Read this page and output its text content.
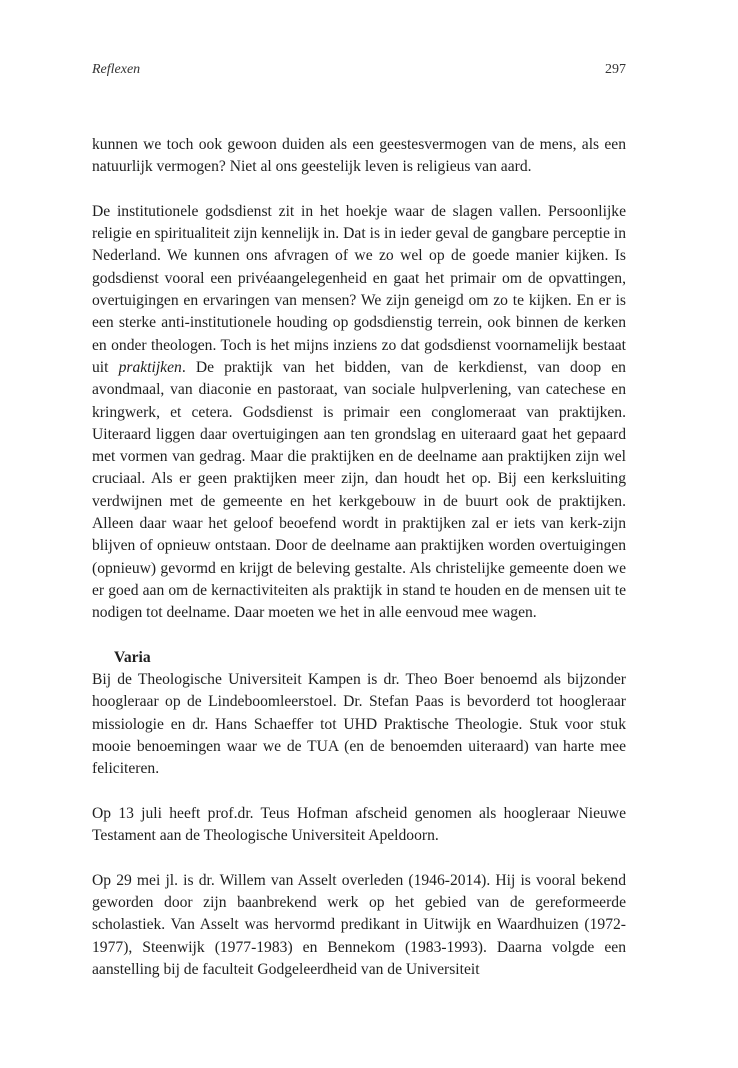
Reflexen	297

kunnen we toch ook gewoon duiden als een geestesvermogen van de mens, als een natuurlijk vermogen? Niet al ons geestelijk leven is religieus van aard.

De institutionele godsdienst zit in het hoekje waar de slagen vallen. Persoonlijke religie en spiritualiteit zijn kennelijk in. Dat is in ieder geval de gangbare perceptie in Nederland. We kunnen ons afvragen of we zo wel op de goede manier kijken. Is godsdienst vooral een privéaangelegenheid en gaat het primair om de opvattingen, overtuigingen en ervaringen van mensen? We zijn geneigd om zo te kijken. En er is een sterke anti-institutionele houding op godsdienstig terrein, ook binnen de kerken en onder theologen. Toch is het mijns inziens zo dat godsdienst voornamelijk bestaat uit praktijken. De praktijk van het bidden, van de kerkdienst, van doop en avondmaal, van diaconie en pastoraat, van sociale hulpverlening, van catechese en kringwerk, et cetera. Godsdienst is primair een conglomeraat van praktijken. Uiteraard liggen daar overtuigingen aan ten grondslag en uiteraard gaat het gepaard met vormen van gedrag. Maar die praktijken en de deelname aan praktijken zijn wel cruciaal. Als er geen praktijken meer zijn, dan houdt het op. Bij een kerksluiting verdwijnen met de gemeente en het kerkgebouw in de buurt ook de praktijken. Alleen daar waar het geloof beoefend wordt in praktijken zal er iets van kerk-zijn blijven of opnieuw ontstaan. Door de deelname aan praktijken worden overtuigingen (opnieuw) gevormd en krijgt de beleving gestalte. Als christelijke gemeente doen we er goed aan om de kernactiviteiten als praktijk in stand te houden en de mensen uit te nodigen tot deelname. Daar moeten we het in alle eenvoud mee wagen.

Varia

Bij de Theologische Universiteit Kampen is dr. Theo Boer benoemd als bijzonder hoogleraar op de Lindeboomleerstoel. Dr. Stefan Paas is bevorderd tot hoogleraar missiologie en dr. Hans Schaeffer tot UHD Praktische Theologie. Stuk voor stuk mooie benoemingen waar we de TUA (en de benoemden uiteraard) van harte mee feliciteren.

Op 13 juli heeft prof.dr. Teus Hofman afscheid genomen als hoogleraar Nieuwe Testament aan de Theologische Universiteit Apeldoorn.

Op 29 mei jl. is dr. Willem van Asselt overleden (1946-2014). Hij is vooral bekend geworden door zijn baanbrekend werk op het gebied van de gereformeerde scholastiek. Van Asselt was hervormd predikant in Uitwijk en Waardhuizen (1972-1977), Steenwijk (1977-1983) en Bennekom (1983-1993). Daarna volgde een aanstelling bij de faculteit Godgeleerdheid van de Universiteit
